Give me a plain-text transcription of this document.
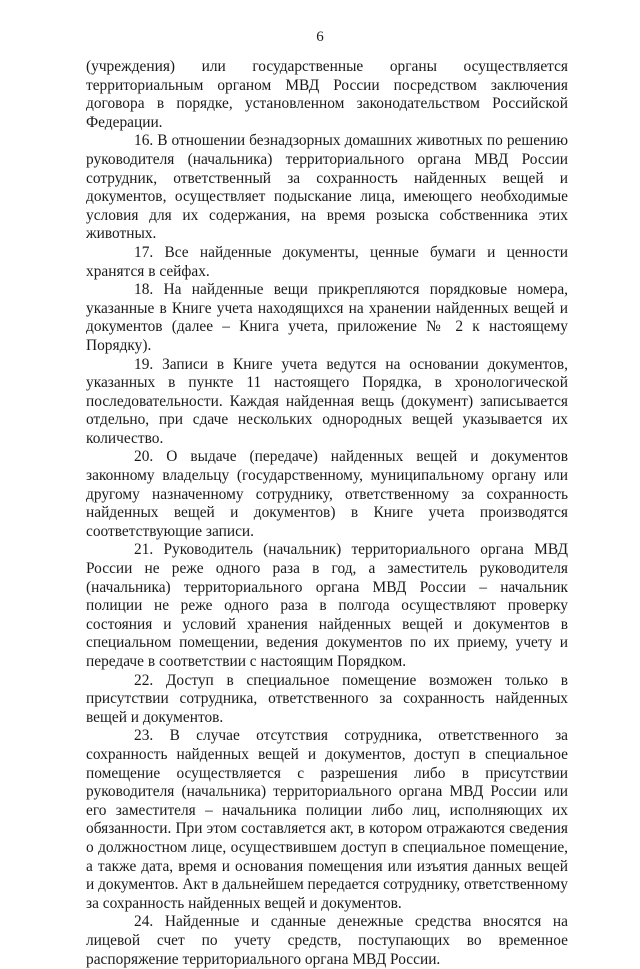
6

(учреждения) или государственные органы осуществляется территориальным органом МВД России посредством заключения договора в порядке, установленном законодательством Российской Федерации.

16. В отношении безнадзорных домашних животных по решению руководителя (начальника) территориального органа МВД России сотрудник, ответственный за сохранность найденных вещей и документов, осуществляет подыскание лица, имеющего необходимые условия для их содержания, на время розыска собственника этих животных.

17. Все найденные документы, ценные бумаги и ценности хранятся в сейфах.

18. На найденные вещи прикрепляются порядковые номера, указанные в Книге учета находящихся на хранении найденных вещей и документов (далее – Книга учета, приложение № 2 к настоящему Порядку).

19. Записи в Книге учета ведутся на основании документов, указанных в пункте 11 настоящего Порядка, в хронологической последовательности. Каждая найденная вещь (документ) записывается отдельно, при сдаче нескольких однородных вещей указывается их количество.

20. О выдаче (передаче) найденных вещей и документов законному владельцу (государственному, муниципальному органу или другому назначенному сотруднику, ответственному за сохранность найденных вещей и документов) в Книге учета производятся соответствующие записи.

21. Руководитель (начальник) территориального органа МВД России не реже одного раза в год, а заместитель руководителя (начальника) территориального органа МВД России – начальник полиции не реже одного раза в полгода осуществляют проверку состояния и условий хранения найденных вещей и документов в специальном помещении, ведения документов по их приему, учету и передаче в соответствии с настоящим Порядком.

22. Доступ в специальное помещение возможен только в присутствии сотрудника, ответственного за сохранность найденных вещей и документов.

23. В случае отсутствия сотрудника, ответственного за сохранность найденных вещей и документов, доступ в специальное помещение осуществляется с разрешения либо в присутствии руководителя (начальника) территориального органа МВД России или его заместителя – начальника полиции либо лиц, исполняющих их обязанности. При этом составляется акт, в котором отражаются сведения о должностном лице, осуществившем доступ в специальное помещение, а также дата, время и основания помещения или изъятия данных вещей и документов. Акт в дальнейшем передается сотруднику, ответственному за сохранность найденных вещей и документов.

24. Найденные и сданные денежные средства вносятся на лицевой счет по учету средств, поступающих во временное распоряжение территориального органа МВД России.
